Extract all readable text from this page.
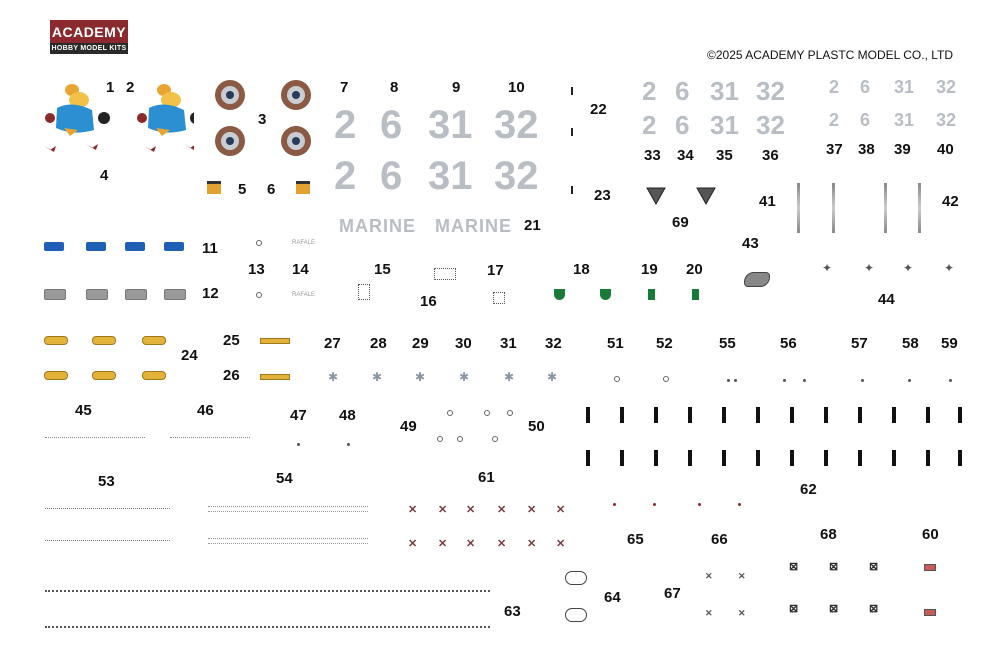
ACADEMY
HOBBY MODEL KITS	©2025 ACADEMY PLASTC MODEL CO., LTD
1 2
4
3
5 6
7	8	9	10
2 6 31 32
2 6 31 32
MARINE MARINE 21
22
23
2 6 31 32
2 6 31 32
33 34 35 36
2 6 31 32
2 6 31 32
37 38 39 40
69
41	42
43
✦	✦ ✦	✦
44
11
12
RAFALE
RAFALE
13 14	15
16
17	18	19 20
24
25
26
27 28 29 30 31 32
✱	✱	✱	✱	✱	✱
51 52	55	56	57 58 59
45	46	47 48
49	50
62
53	54	61
✕ ✕ ✕ ✕ ✕ ✕
✕ ✕ ✕ ✕ ✕ ✕	65	66	68	60
⊠	⊠	⊠
⊠	⊠	⊠
✕	✕
✕	✕
67
64
63
